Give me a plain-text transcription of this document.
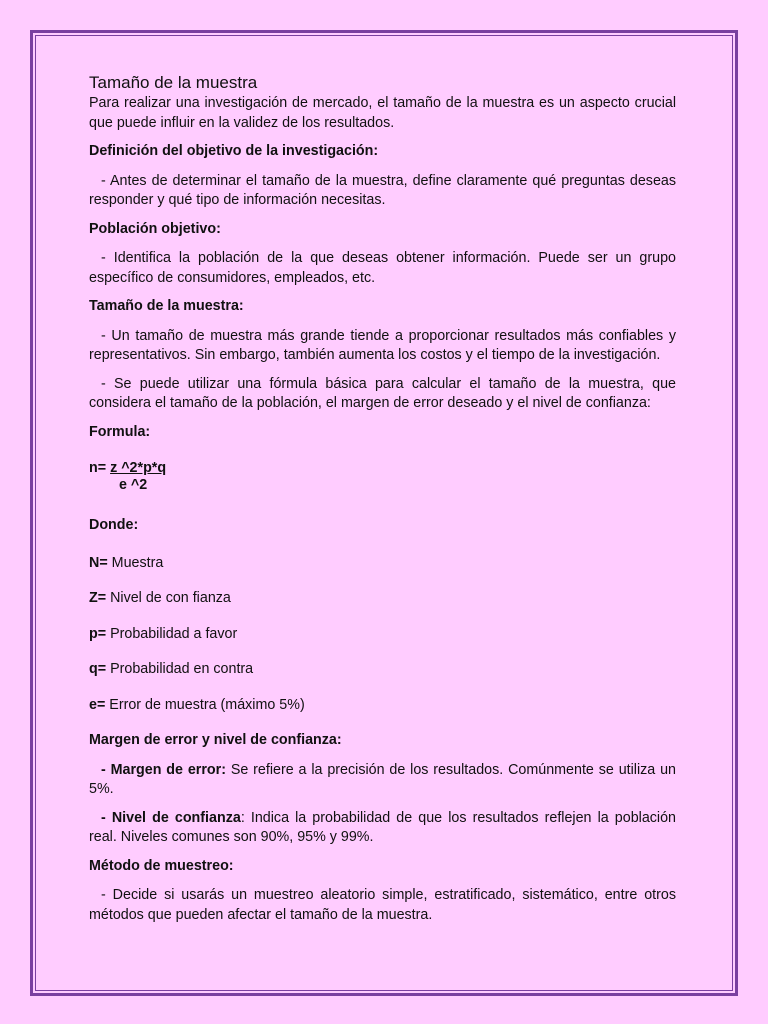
Tamaño de la muestra

Para realizar una investigación de mercado, el tamaño de la muestra es un aspecto crucial que puede influir en la validez de los resultados.

Definición del objetivo de la investigación:

- Antes de determinar el tamaño de la muestra, define claramente qué preguntas deseas responder y qué tipo de información necesitas.

Población objetivo:

- Identifica la población de la que deseas obtener información. Puede ser un grupo específico de consumidores, empleados, etc.

Tamaño de la muestra:

- Un tamaño de muestra más grande tiende a proporcionar resultados más confiables y representativos. Sin embargo, también aumenta los costos y el tiempo de la investigación.

- Se puede utilizar una fórmula básica para calcular el tamaño de la muestra, que considera el tamaño de la población, el margen de error deseado y el nivel de confianza:

Formula:

n= z ^2*p*q
e ^2

Donde:

N= Muestra

Z= Nivel de con fianza

p= Probabilidad a favor

q= Probabilidad en contra

e= Error de muestra (máximo 5%)

Margen de error y nivel de confianza:

- Margen de error: Se refiere a la precisión de los resultados. Comúnmente se utiliza un 5%.

- Nivel de confianza: Indica la probabilidad de que los resultados reflejen la población real. Niveles comunes son 90%, 95% y 99%.

Método de muestreo:

- Decide si usarás un muestreo aleatorio simple, estratificado, sistemático, entre otros métodos que pueden afectar el tamaño de la muestra.
